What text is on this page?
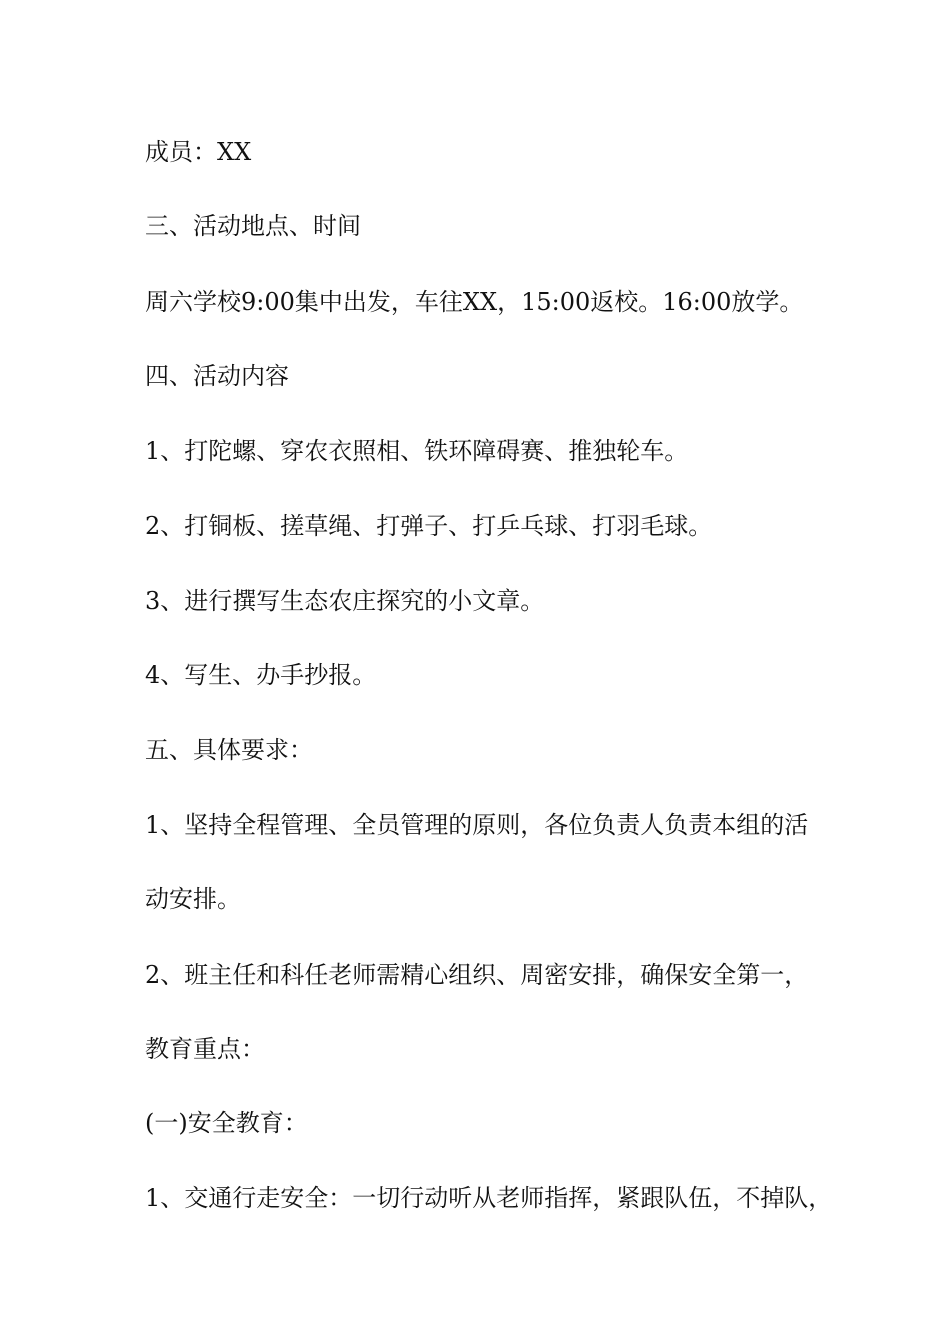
成员：XX

三、活动地点、时间

周六学校9:00集中出发，车往XX，15:00返校。16:00放学。

四、活动内容

1、打陀螺、穿农衣照相、铁环障碍赛、推独轮车。

2、打铜板、搓草绳、打弹子、打乒乓球、打羽毛球。

3、进行撰写生态农庄探究的小文章。

4、写生、办手抄报。

五、具体要求：

1、坚持全程管理、全员管理的原则，各位负责人负责本组的活

动安排。

2、班主任和科任老师需精心组织、周密安排，确保安全第一，

教育重点：

(一)安全教育：

1、交通行走安全：一切行动听从老师指挥，紧跟队伍，不掉队，
